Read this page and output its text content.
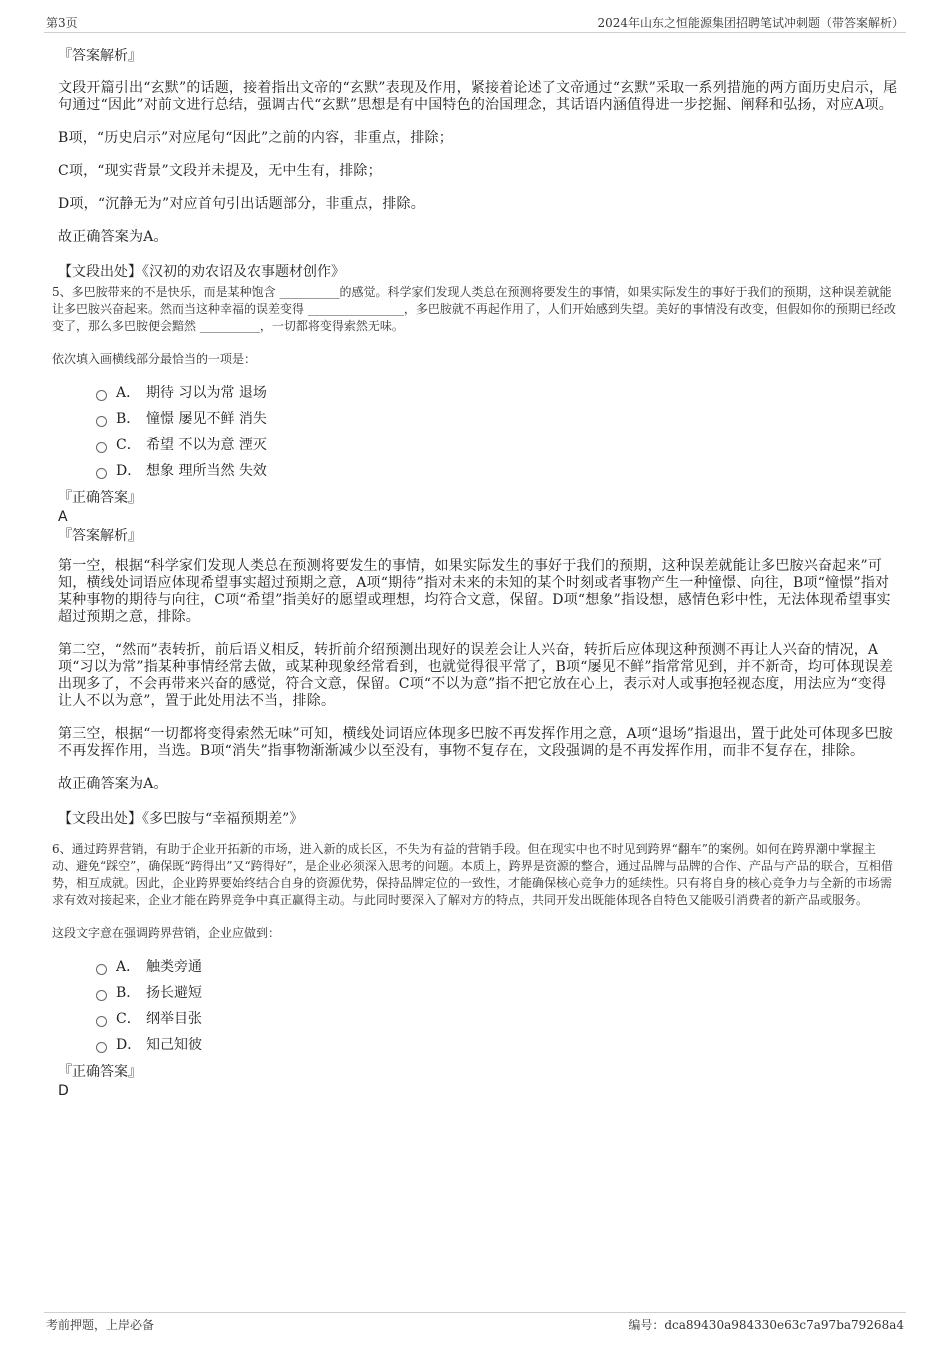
第3页	2024年山东之恒能源集团招聘笔试冲刺题（带答案解析）
『答案解析』

文段开篇引出“玄默”的话题，接着指出文帝的“玄默”表现及作用，紧接着论述了文帝通过“玄默”采取一系列措施的两方面历史启示，尾句通过“因此”对前文进行总结，强调古代“玄默”思想是有中国特色的治国理念，其话语内涵值得进一步挖掘、阐释和弘扬，对应A项。

B项，“历史启示”对应尾句“因此”之前的内容，非重点，排除；

C项，“现实背景”文段并未提及，无中生有，排除；

D项，“沉静无为”对应首句引出话题部分，非重点，排除。

故正确答案为A。

【文段出处】《汉初的劝农诏及农事题材创作》

5、多巴胺带来的不是快乐，而是某种饱含 __________的感觉。科学家们发现人类总在预测将要发生的事情，如果实际发生的事好于我们的预期，这种误差就能让多巴胺兴奋起来。然而当这种幸福的误差变得 ________________，多巴胺就不再起作用了，人们开始感到失望。美好的事情没有改变，但假如你的预期已经改变了，那么多巴胺便会黯然 __________，一切都将变得索然无味。

依次填入画横线部分最恰当的一项是：

A． 期待 习以为常 退场
B． 憧憬 屡见不鲜 消失
C． 希望 不以为意 湮灭
D． 想象 理所当然 失效
『正确答案』
A
『答案解析』

第一空，根据“科学家们发现人类总在预测将要发生的事情，如果实际发生的事好于我们的预期，这种误差就能让多巴胺兴奋起来”可知，横线处词语应体现希望事实超过预期之意，A项“期待”指对未来的未知的某个时刻或者事物产生一种憧憬、向往，B项“憧憬”指对某种事物的期待与向往，C项“希望”指美好的愿望或理想，均符合文意，保留。D项“想象”指设想，感情色彩中性，无法体现希望事实超过预期之意，排除。

第二空，“然而”表转折，前后语义相反，转折前介绍预测出现好的误差会让人兴奋，转折后应体现这种预测不再让人兴奋的情况，A项“习以为常”指某种事情经常去做，或某种现象经常看到，也就觉得很平常了，B项“屡见不鲜”指常常见到，并不新奇，均可体现误差出现多了，不会再带来兴奋的感觉，符合文意，保留。C项“不以为意”指不把它放在心上，表示对人或事抱轻视态度，用法应为“变得让人不以为意”，置于此处用法不当，排除。

第三空，根据“一切都将变得索然无味”可知，横线处词语应体现多巴胺不再发挥作用之意，A项“退场”指退出，置于此处可体现多巴胺不再发挥作用，当选。B项“消失”指事物渐渐减少以至没有，事物不复存在，文段强调的是不再发挥作用，而非不复存在，排除。

故正确答案为A。

【文段出处】《多巴胺与“幸福预期差”》

6、通过跨界营销，有助于企业开拓新的市场，进入新的成长区，不失为有益的营销手段。但在现实中也不时见到跨界“翻车”的案例。如何在跨界潮中掌握主动、避免“踩空”，确保既“跨得出”又“跨得好”，是企业必须深入思考的问题。本质上，跨界是资源的整合，通过品牌与品牌的合作、产品与产品的联合，互相借势，相互成就。因此，企业跨界要始终结合自身的资源优势，保持品牌定位的一致性，才能确保核心竞争力的延续性。只有将自身的核心竞争力与全新的市场需求有效对接起来，企业才能在跨界竞争中真正赢得主动。与此同时要深入了解对方的特点，共同开发出既能体现各自特色又能吸引消费者的新产品或服务。

这段文字意在强调跨界营销，企业应做到：

A． 触类旁通
B． 扬长避短
C． 纲举目张
D． 知己知彼
『正确答案』
D
考前押题，上岸必备	编号：dca89430a984330e63c7a97ba79268a4
